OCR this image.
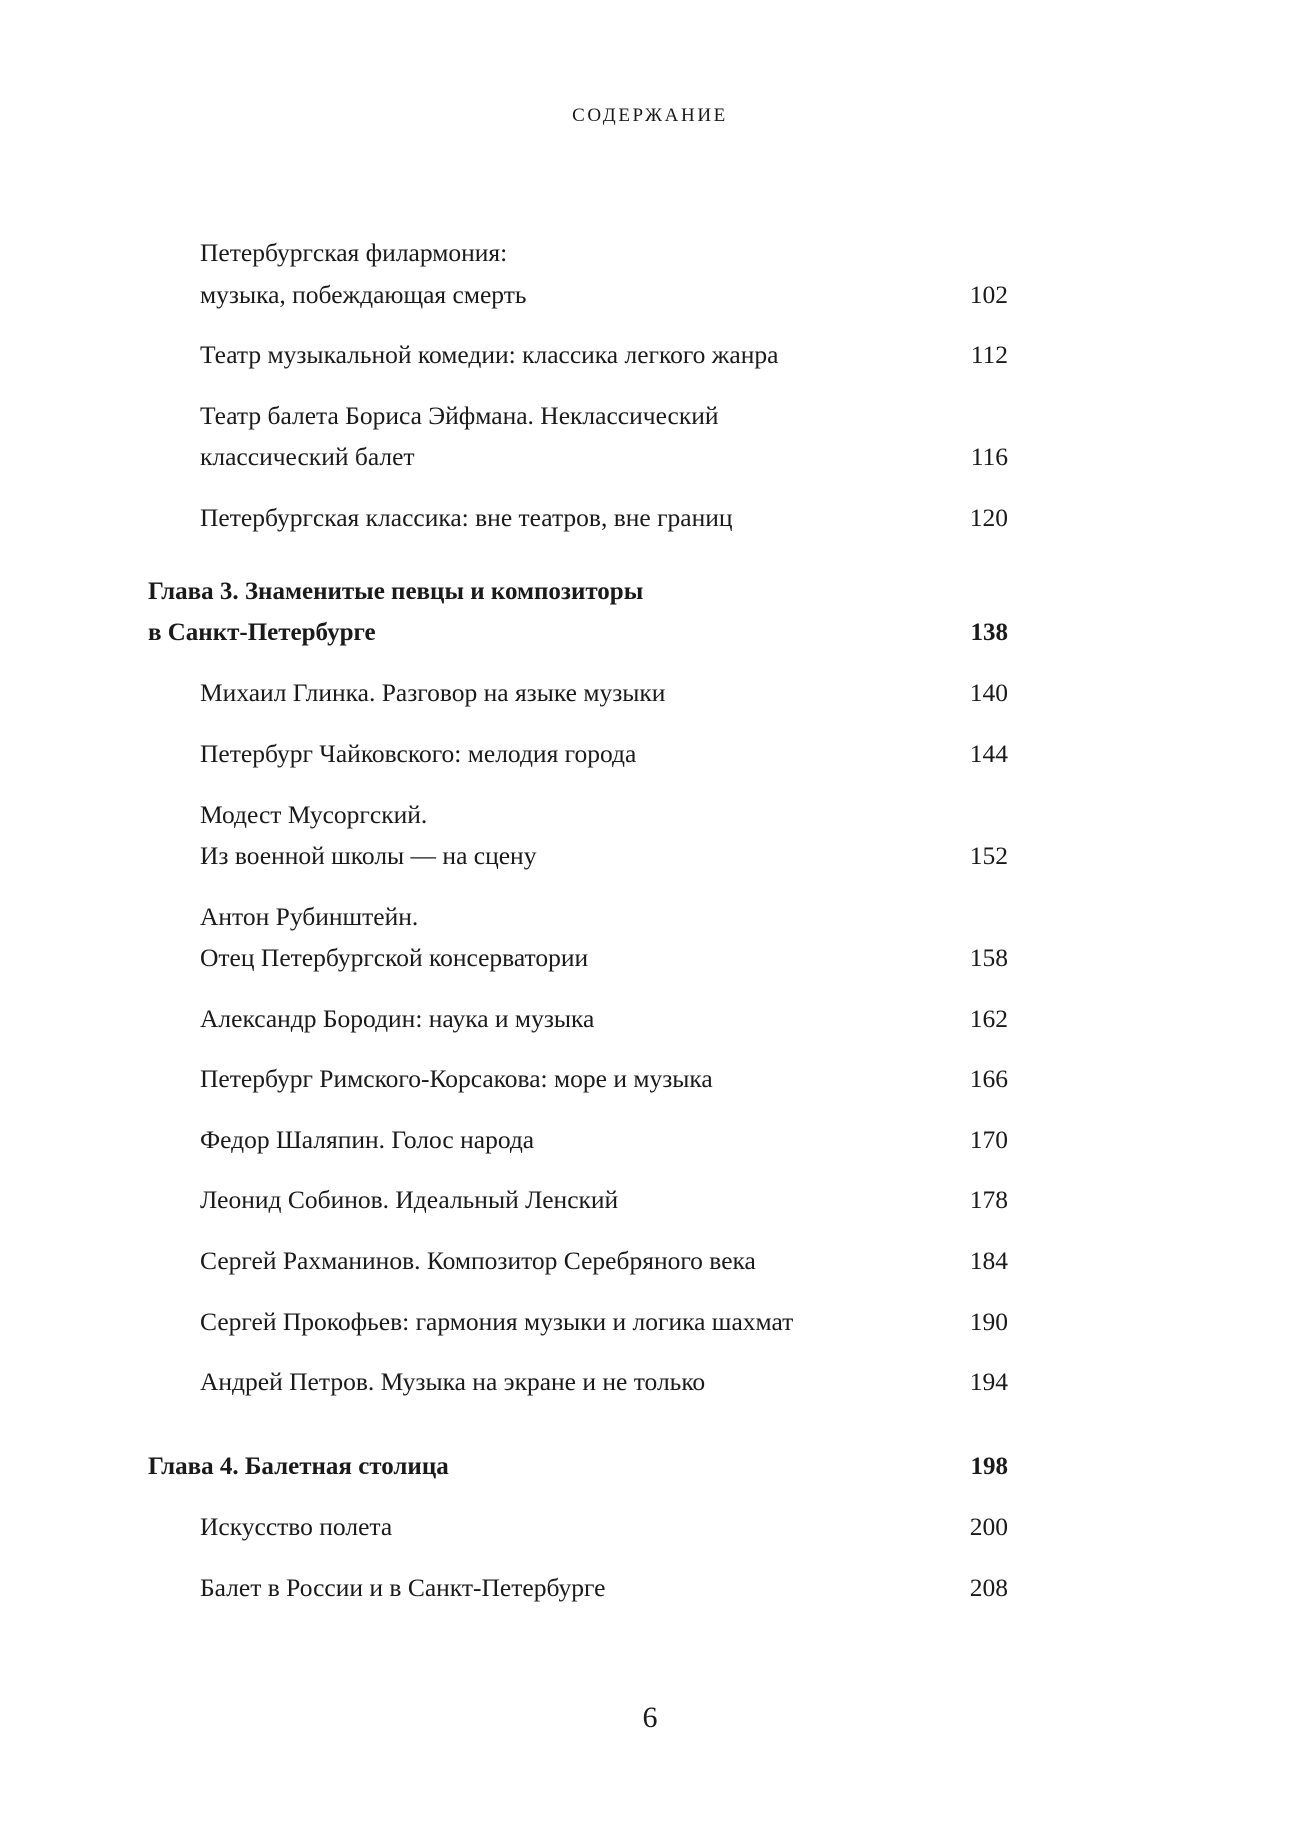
СОДЕРЖАНИЕ
Петербургская филармония:
музыка, побеждающая смерть	102
Театр музыкальной комедии: классика легкого жанра	112
Театр балета Бориса Эйфмана. Неклассический
классический балет	116
Петербургская классика: вне театров, вне границ	120
Глава 3. Знаменитые певцы и композиторы
в Санкт-Петербурге	138
Михаил Глинка. Разговор на языке музыки	140
Петербург Чайковского: мелодия города	144
Модест Мусоргский.
Из военной школы — на сцену	152
Антон Рубинштейн.
Отец Петербургской консерватории	158
Александр Бородин: наука и музыка	162
Петербург Римского-Корсакова: море и музыка	166
Федор Шаляпин. Голос народа	170
Леонид Собинов. Идеальный Ленский	178
Сергей Рахманинов. Композитор Серебряного века	184
Сергей Прокофьев: гармония музыки и логика шахмат	190
Андрей Петров. Музыка на экране и не только	194
Глава 4. Балетная столица	198
Искусство полета	200
Балет в России и в Санкт-Петербурге	208
6
